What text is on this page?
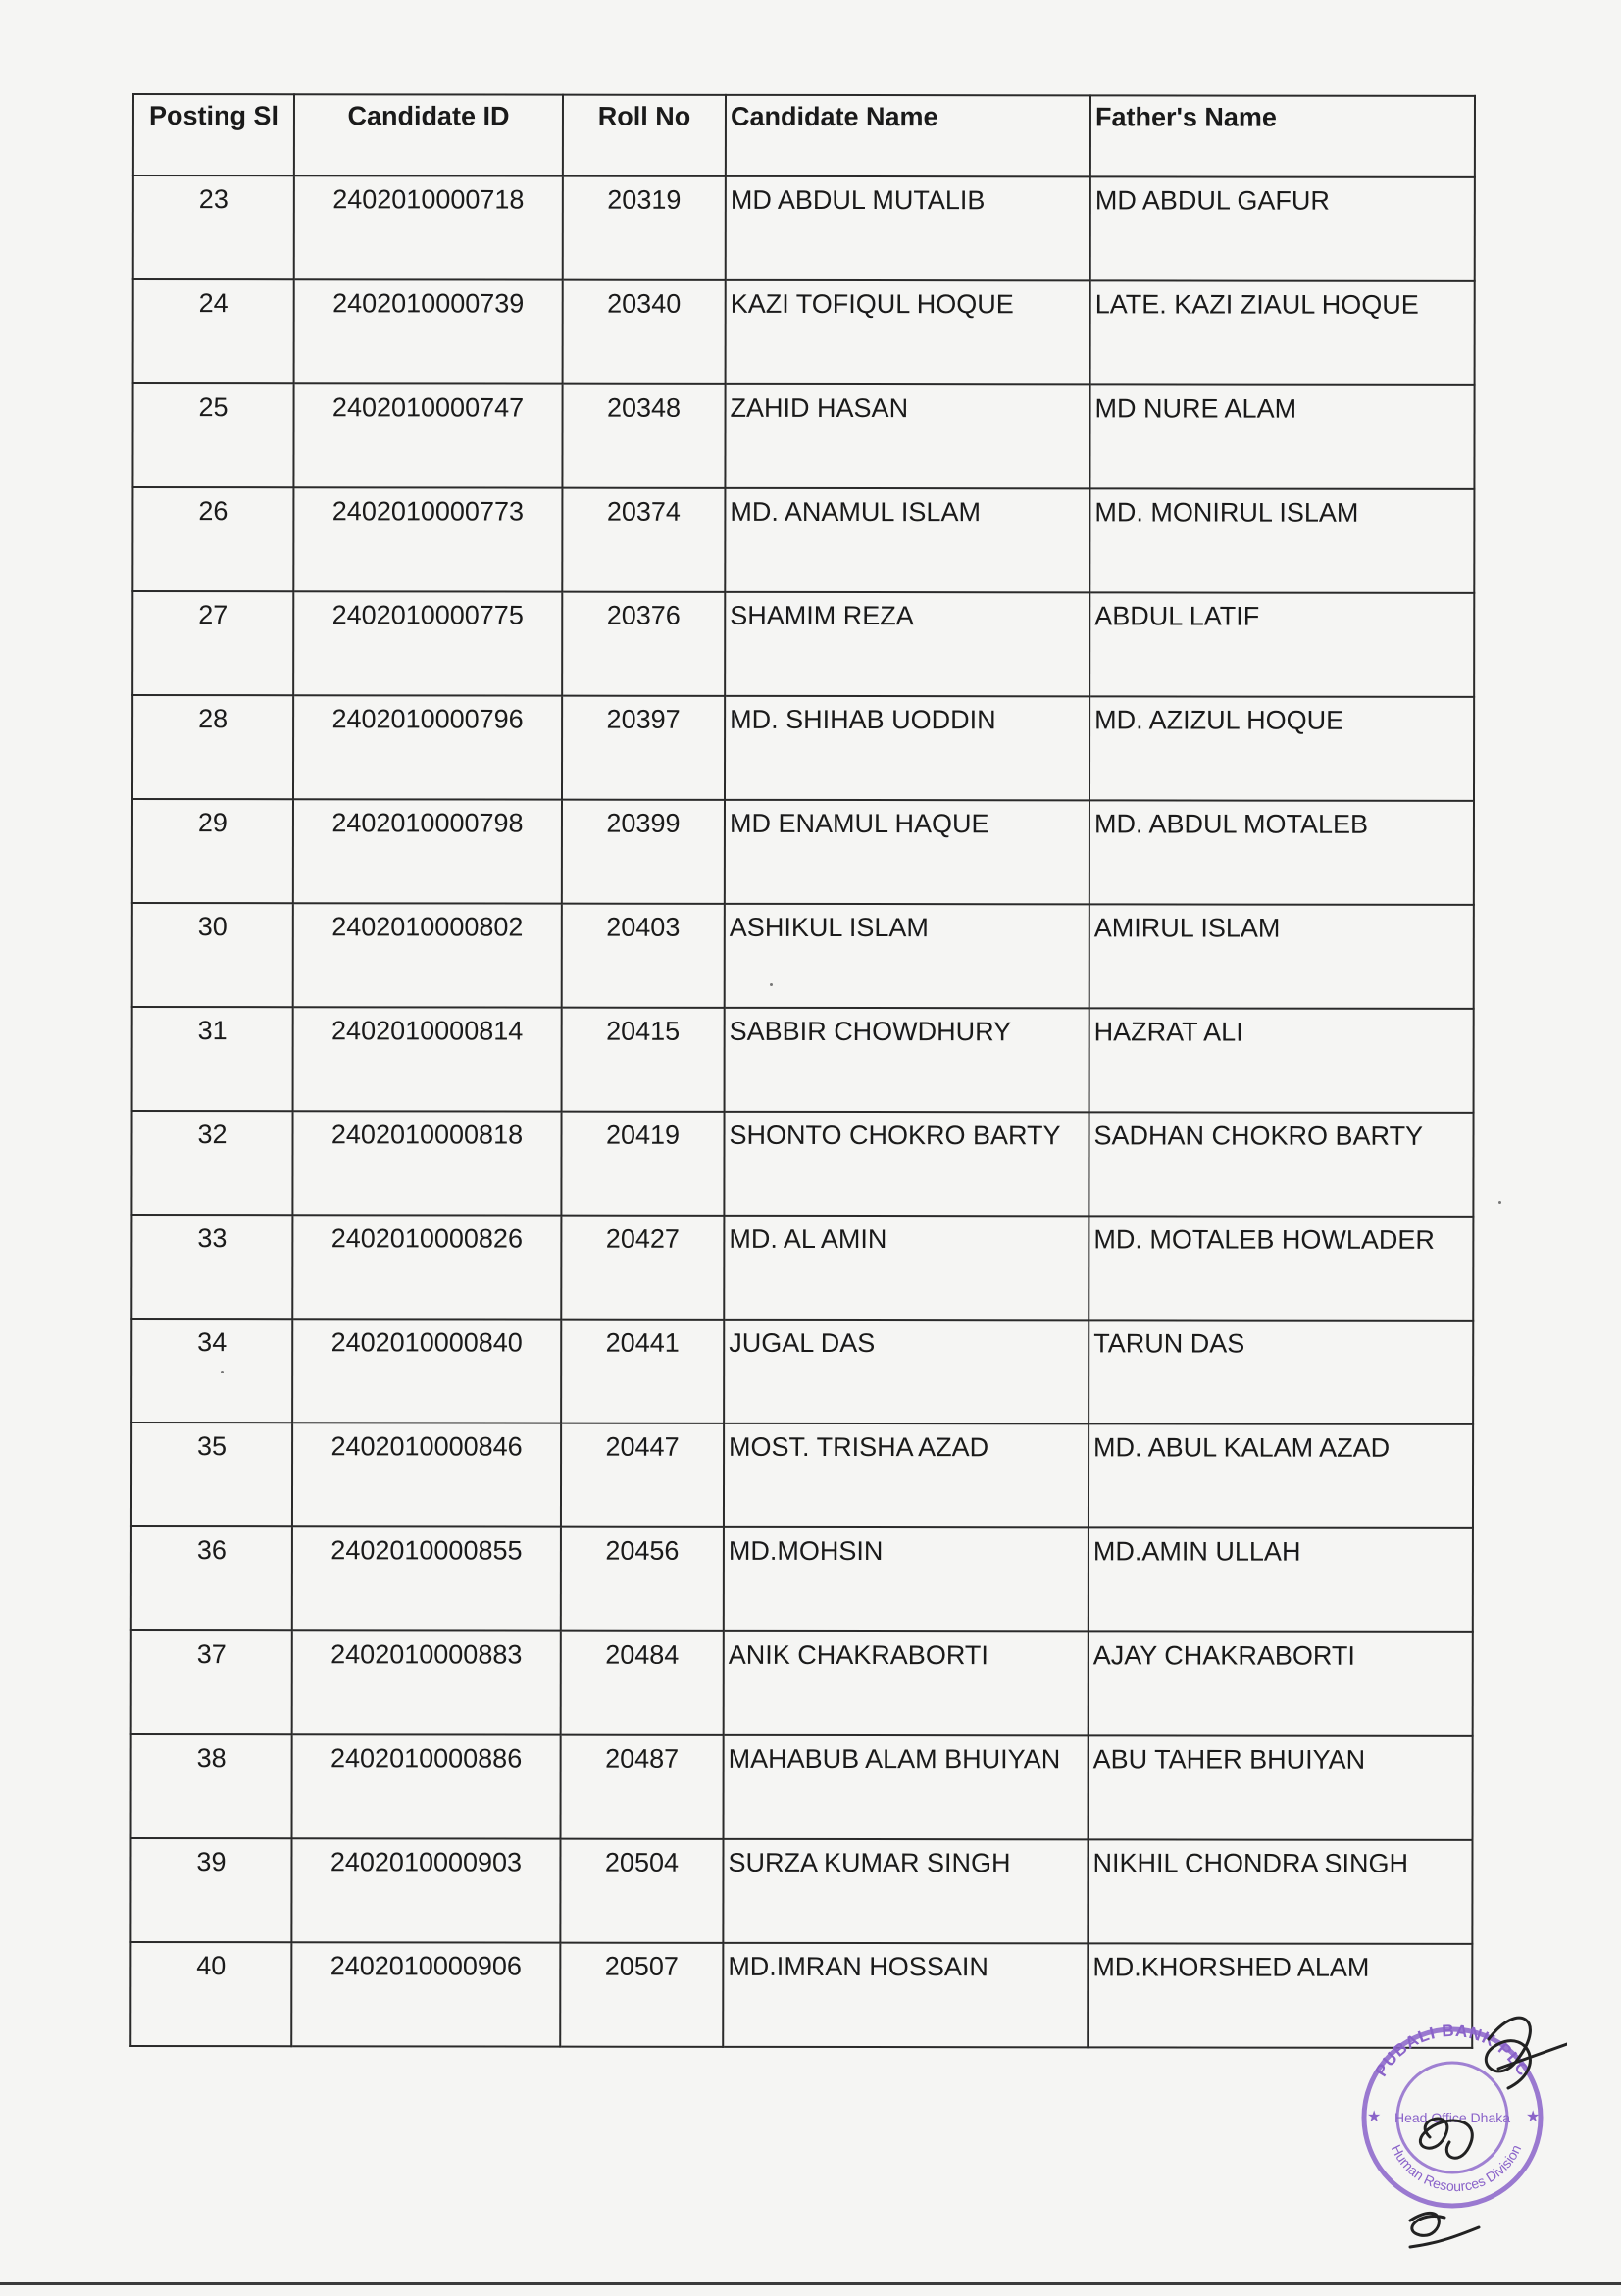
Posting Sl	Candidate ID	Roll No	Candidate Name	Father's Name
23	2402010000718	20319	MD ABDUL MUTALIB	MD ABDUL GAFUR
24	2402010000739	20340	KAZI TOFIQUL HOQUE	LATE. KAZI ZIAUL HOQUE
25	2402010000747	20348	ZAHID HASAN	MD NURE ALAM
26	2402010000773	20374	MD. ANAMUL ISLAM	MD. MONIRUL ISLAM
27	2402010000775	20376	SHAMIM REZA	ABDUL LATIF
28	2402010000796	20397	MD. SHIHAB UODDIN	MD. AZIZUL HOQUE
29	2402010000798	20399	MD ENAMUL HAQUE	MD. ABDUL MOTALEB
30	2402010000802	20403	ASHIKUL ISLAM	AMIRUL ISLAM
31	2402010000814	20415	SABBIR CHOWDHURY	HAZRAT ALI
32	2402010000818	20419	SHONTO CHOKRO BARTY	SADHAN CHOKRO BARTY
33	2402010000826	20427	MD. AL AMIN	MD. MOTALEB HOWLADER
34	2402010000840	20441	JUGAL DAS	TARUN DAS
35	2402010000846	20447	MOST. TRISHA AZAD	MD. ABUL KALAM AZAD
36	2402010000855	20456	MD.MOHSIN	MD.AMIN ULLAH
37	2402010000883	20484	ANIK CHAKRABORTI	AJAY CHAKRABORTI
38	2402010000886	20487	MAHABUB ALAM BHUIYAN	ABU TAHER BHUIYAN
39	2402010000903	20504	SURZA KUMAR SINGH	NIKHIL CHONDRA SINGH
40	2402010000906	20507	MD.IMRAN HOSSAIN	MD.KHORSHED ALAM
PUBALI BANK PLC
Human Resources Division
Head Office Dhaka
★	★
